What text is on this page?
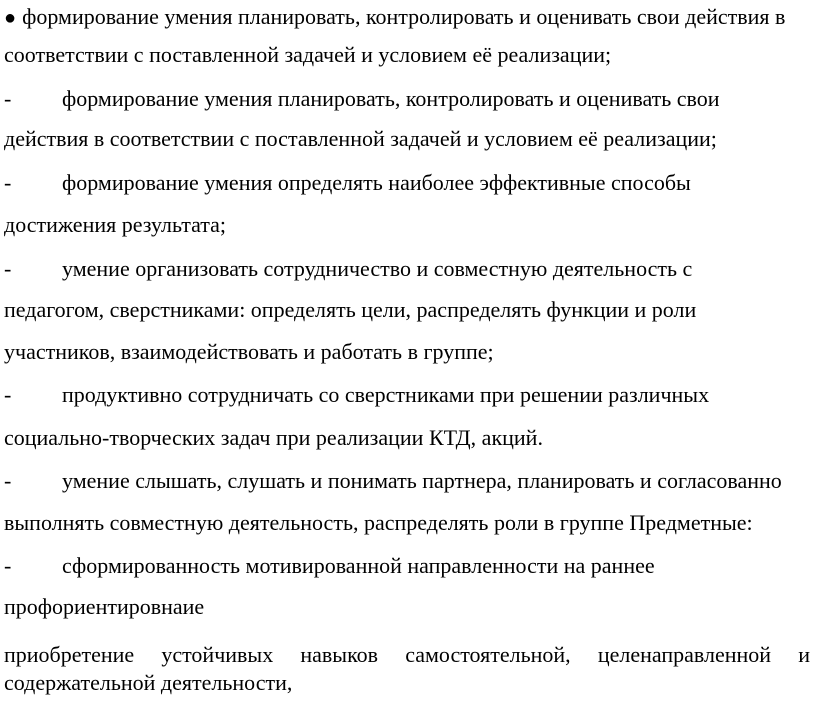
● формирование умения планировать, контролировать и оценивать свои действия в
соответствии с поставленной задачей и условием её реализации;
- формирование умения планировать, контролировать и оценивать свои
действия в соответствии с поставленной задачей и условием её реализации;
- формирование умения определять наиболее эффективные способы
достижения результата;
- умение организовать сотрудничество и совместную деятельность с
педагогом, сверстниками: определять цели, распределять функции и роли
участников, взаимодействовать и работать в группе;
- продуктивно сотрудничать со сверстниками при решении различных
социально-творческих задач при реализации КТД, акций.
- умение слышать, слушать и понимать партнера, планировать и согласованно
выполнять совместную деятельность, распределять роли в группе Предметные:
- сформированность мотивированной направленности на раннее
профориентировнаие
приобретение устойчивых навыков самостоятельной, целенаправленной и
содержательной деятельности,
